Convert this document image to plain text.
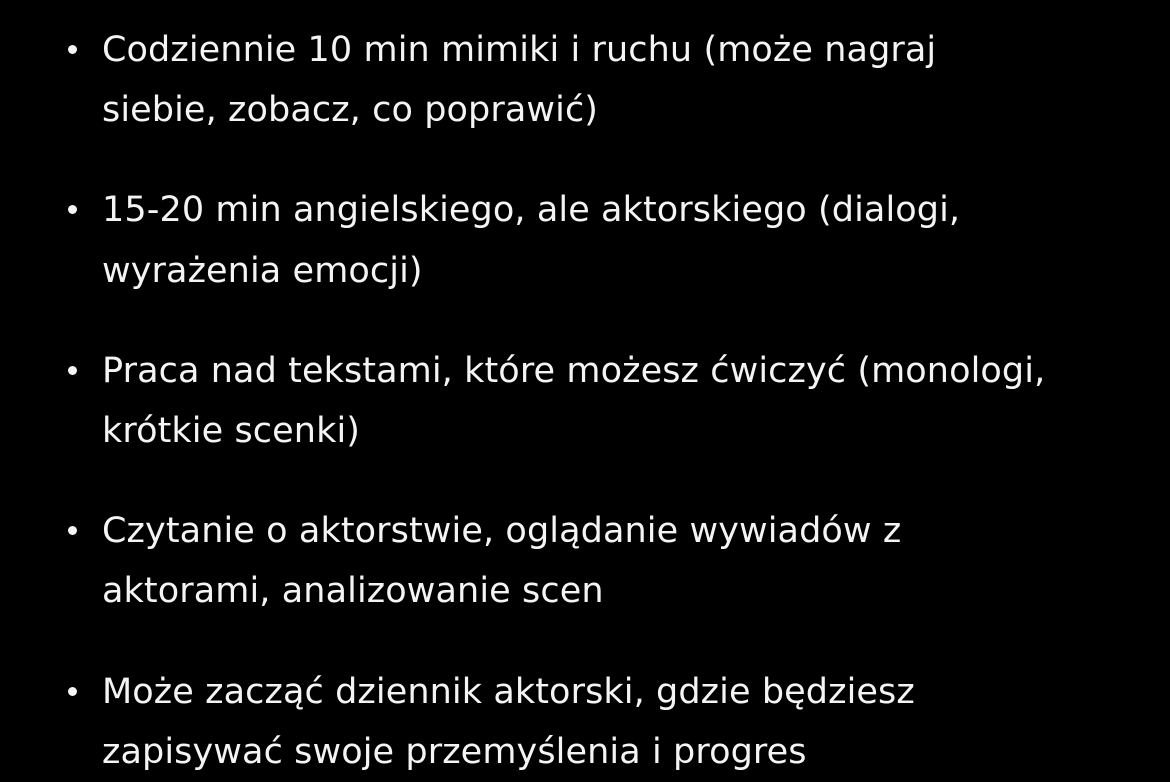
Codziennie 10 min mimiki i ruchu (może nagraj siebie, zobacz, co poprawić)
15-20 min angielskiego, ale aktorskiego (dialogi, wyrażenia emocji)
Praca nad tekstami, które możesz ćwiczyć (monologi, krótkie scenki)
Czytanie o aktorstwie, oglądanie wywiadów z aktorami, analizowanie scen
Może zacząć dziennik aktorski, gdzie będziesz zapisywać swoje przemyślenia i progres
